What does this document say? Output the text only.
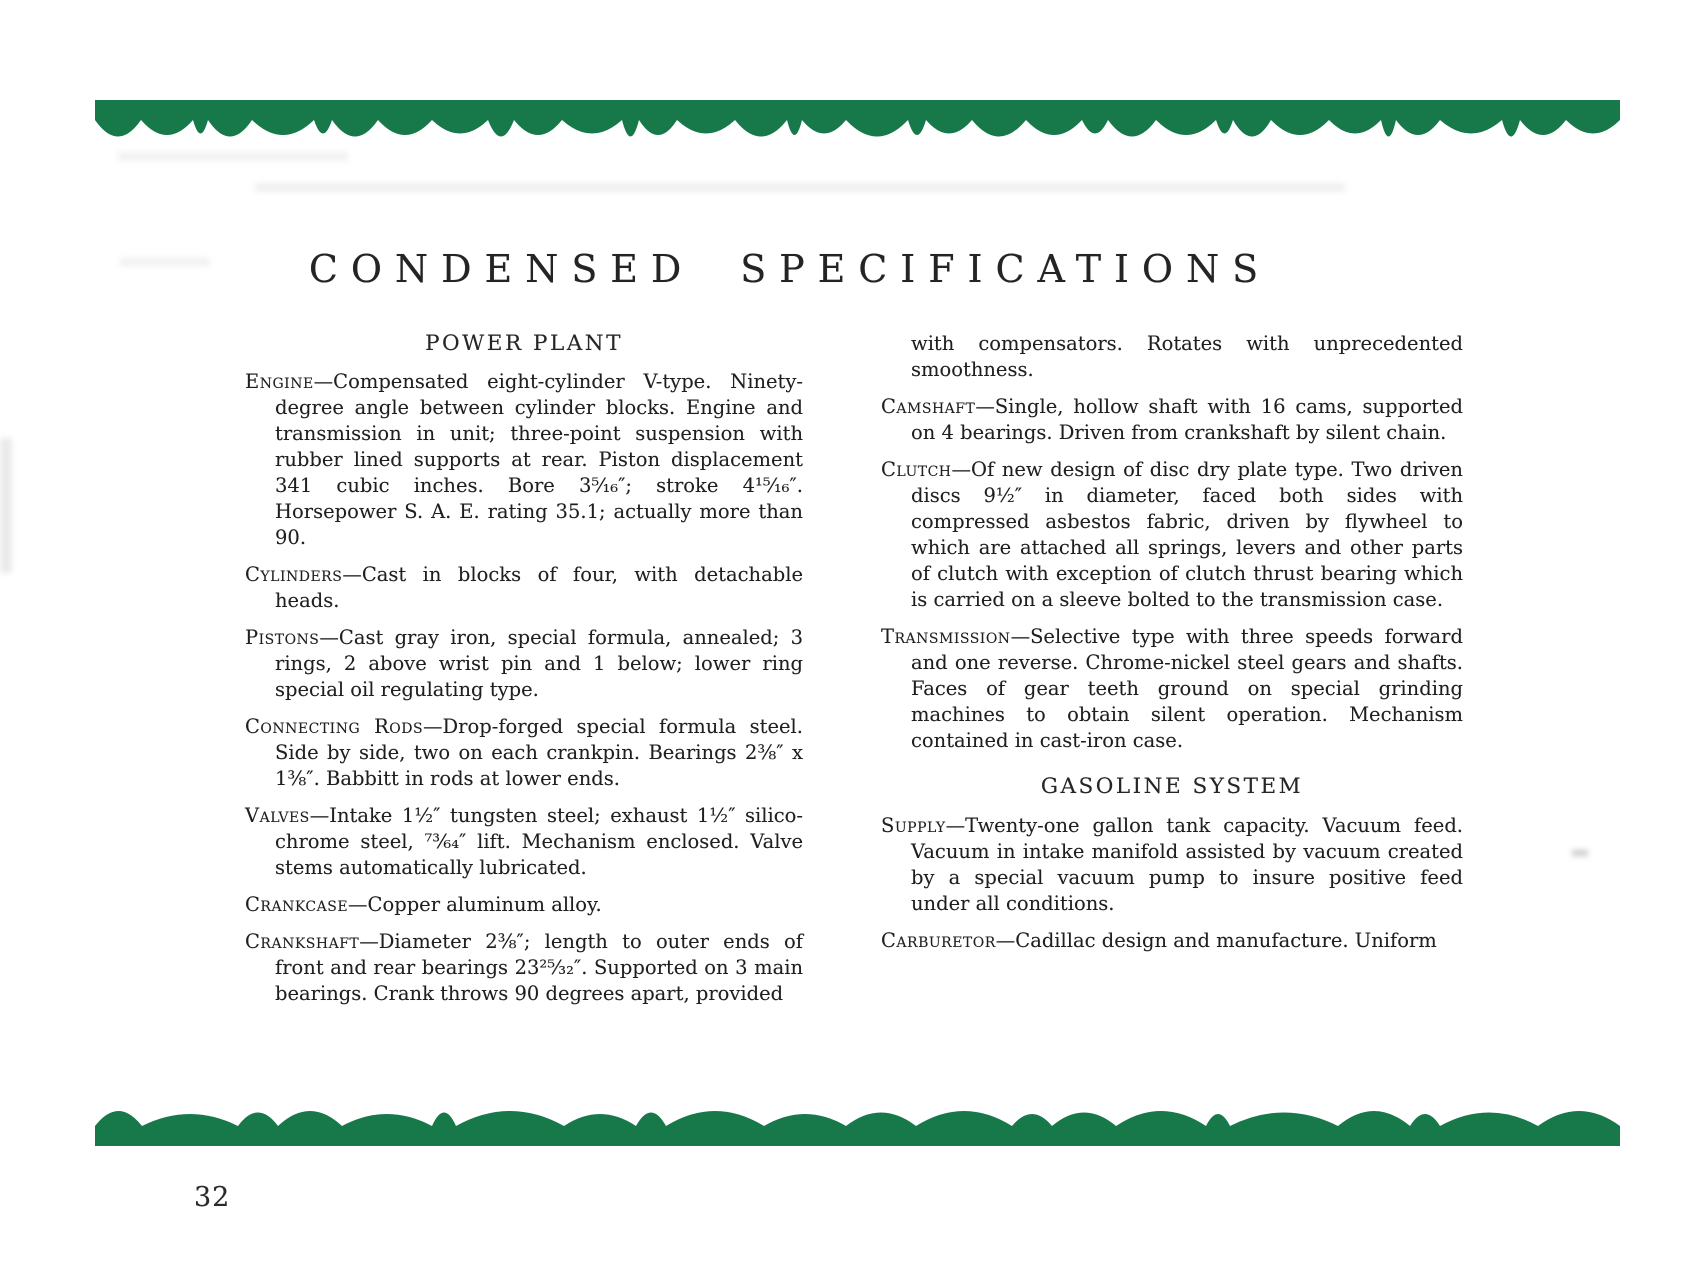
CONDENSED SPECIFICATIONS
POWER PLANT

Engine—Compensated eight-cylinder V-type. Ninety-degree angle between cylinder blocks. Engine and transmission in unit; three-point suspension with rubber lined supports at rear. Piston displacement 341 cubic inches. Bore 3⁵⁄₁₆″; stroke 4¹⁵⁄₁₆″. Horsepower S. A. E. rating 35.1; actually more than 90.

Cylinders—Cast in blocks of four, with detachable heads.

Pistons—Cast gray iron, special formula, annealed; 3 rings, 2 above wrist pin and 1 below; lower ring special oil regulating type.

Connecting Rods—Drop-forged special formula steel. Side by side, two on each crankpin. Bearings 2⅜″ x 1⅜″. Babbitt in rods at lower ends.

Valves—Intake 1½″ tungsten steel; exhaust 1½″ silico-chrome steel, ⁷³⁄₆₄″ lift. Mechanism enclosed. Valve stems automatically lubricated.

Crankcase—Copper aluminum alloy.

Crankshaft—Diameter 2⅜″; length to outer ends of front and rear bearings 23²⁵⁄₃₂″. Supported on 3 main bearings. Crank throws 90 degrees apart, provided

with compensators. Rotates with unprecedented smoothness.

Camshaft—Single, hollow shaft with 16 cams, supported on 4 bearings. Driven from crankshaft by silent chain.

Clutch—Of new design of disc dry plate type. Two driven discs 9½″ in diameter, faced both sides with compressed asbestos fabric, driven by flywheel to which are attached all springs, levers and other parts of clutch with exception of clutch thrust bearing which is carried on a sleeve bolted to the transmission case.

Transmission—Selective type with three speeds forward and one reverse. Chrome-nickel steel gears and shafts. Faces of gear teeth ground on special grinding machines to obtain silent operation. Mechanism contained in cast-iron case.

GASOLINE SYSTEM

Supply—Twenty-one gallon tank capacity. Vacuum feed. Vacuum in intake manifold assisted by vacuum created by a special vacuum pump to insure positive feed under all conditions.

Carburetor—Cadillac design and manufacture. Uniform

32
